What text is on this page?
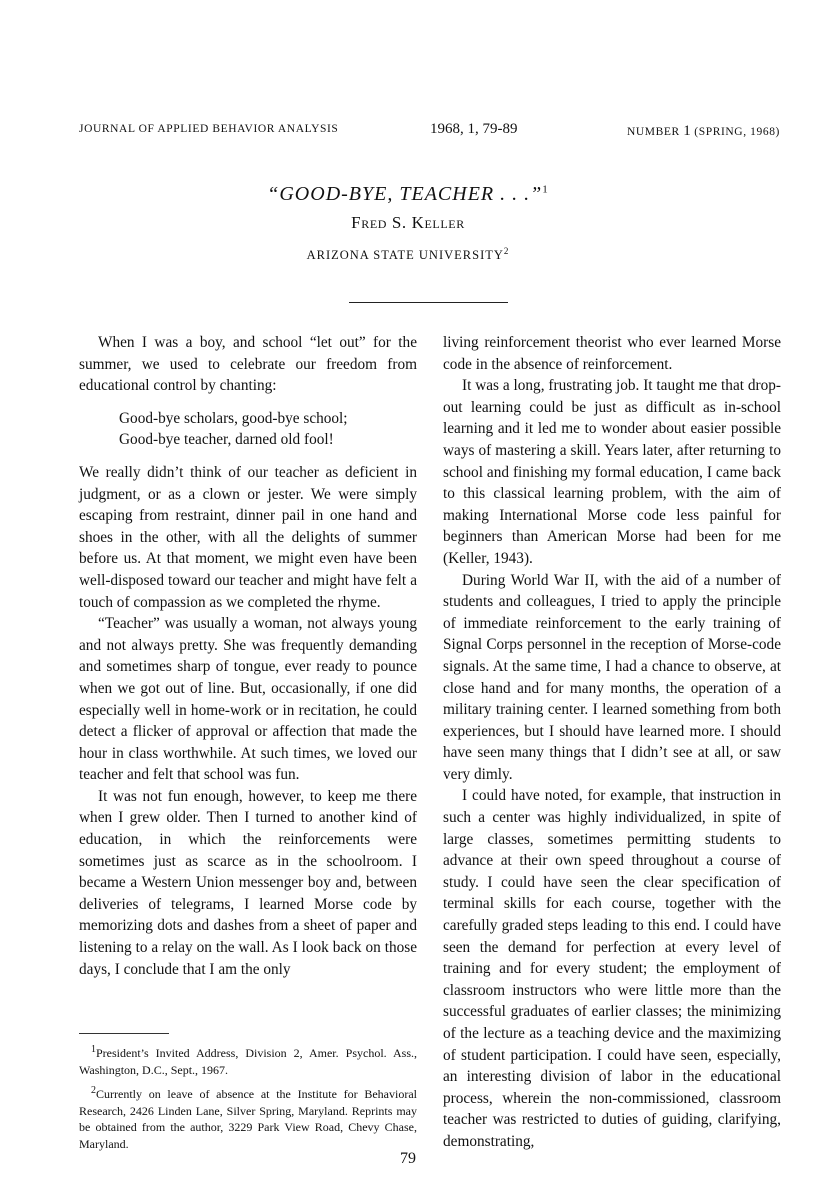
JOURNAL OF APPLIED BEHAVIOR ANALYSIS	1968, 1, 79-89	NUMBER 1 (SPRING, 1968)
“GOOD-BYE, TEACHER . . .”$^1$
Fred S. Keller
ARIZONA STATE UNIVERSITY$^2$

When I was a boy, and school “let out” for the summer, we used to celebrate our freedom from educational control by chanting:

Good-bye scholars, good-bye school;
Good-bye teacher, darned old fool!

We really didn’t think of our teacher as deficient in judgment, or as a clown or jester. We were simply escaping from restraint, dinner pail in one hand and shoes in the other, with all the delights of summer before us. At that moment, we might even have been well-disposed toward our teacher and might have felt a touch of compassion as we completed the rhyme.

“Teacher” was usually a woman, not always young and not always pretty. She was frequently demanding and sometimes sharp of tongue, ever ready to pounce when we got out of line. But, occasionally, if one did especially well in home-work or in recitation, he could detect a flicker of approval or affection that made the hour in class worthwhile. At such times, we loved our teacher and felt that school was fun.

It was not fun enough, however, to keep me there when I grew older. Then I turned to another kind of education, in which the reinforcements were sometimes just as scarce as in the schoolroom. I became a Western Union messenger boy and, between deliveries of telegrams, I learned Morse code by memorizing dots and dashes from a sheet of paper and listening to a relay on the wall. As I look back on those days, I conclude that I am the only

living reinforcement theorist who ever learned Morse code in the absence of reinforcement.

It was a long, frustrating job. It taught me that drop-out learning could be just as difficult as in-school learning and it led me to wonder about easier possible ways of mastering a skill. Years later, after returning to school and finishing my formal education, I came back to this classical learning problem, with the aim of making International Morse code less painful for beginners than American Morse had been for me (Keller, 1943).

During World War II, with the aid of a number of students and colleagues, I tried to apply the principle of immediate reinforcement to the early training of Signal Corps personnel in the reception of Morse-code signals. At the same time, I had a chance to observe, at close hand and for many months, the operation of a military training center. I learned something from both experiences, but I should have learned more. I should have seen many things that I didn’t see at all, or saw very dimly.

I could have noted, for example, that instruction in such a center was highly individualized, in spite of large classes, sometimes permitting students to advance at their own speed throughout a course of study. I could have seen the clear specification of terminal skills for each course, together with the carefully graded steps leading to this end. I could have seen the demand for perfection at every level of training and for every student; the employment of classroom instructors who were little more than the successful graduates of earlier classes; the minimizing of the lecture as a teaching device and the maximizing of student participation. I could have seen, especially, an interesting division of labor in the educational process, wherein the non-commissioned, classroom teacher was restricted to duties of guiding, clarifying, demonstrating,

$^1$President’s Invited Address, Division 2, Amer. Psychol. Ass., Washington, D.C., Sept., 1967.

$^2$Currently on leave of absence at the Institute for Behavioral Research, 2426 Linden Lane, Silver Spring, Maryland. Reprints may be obtained from the author, 3229 Park View Road, Chevy Chase, Maryland.

79
